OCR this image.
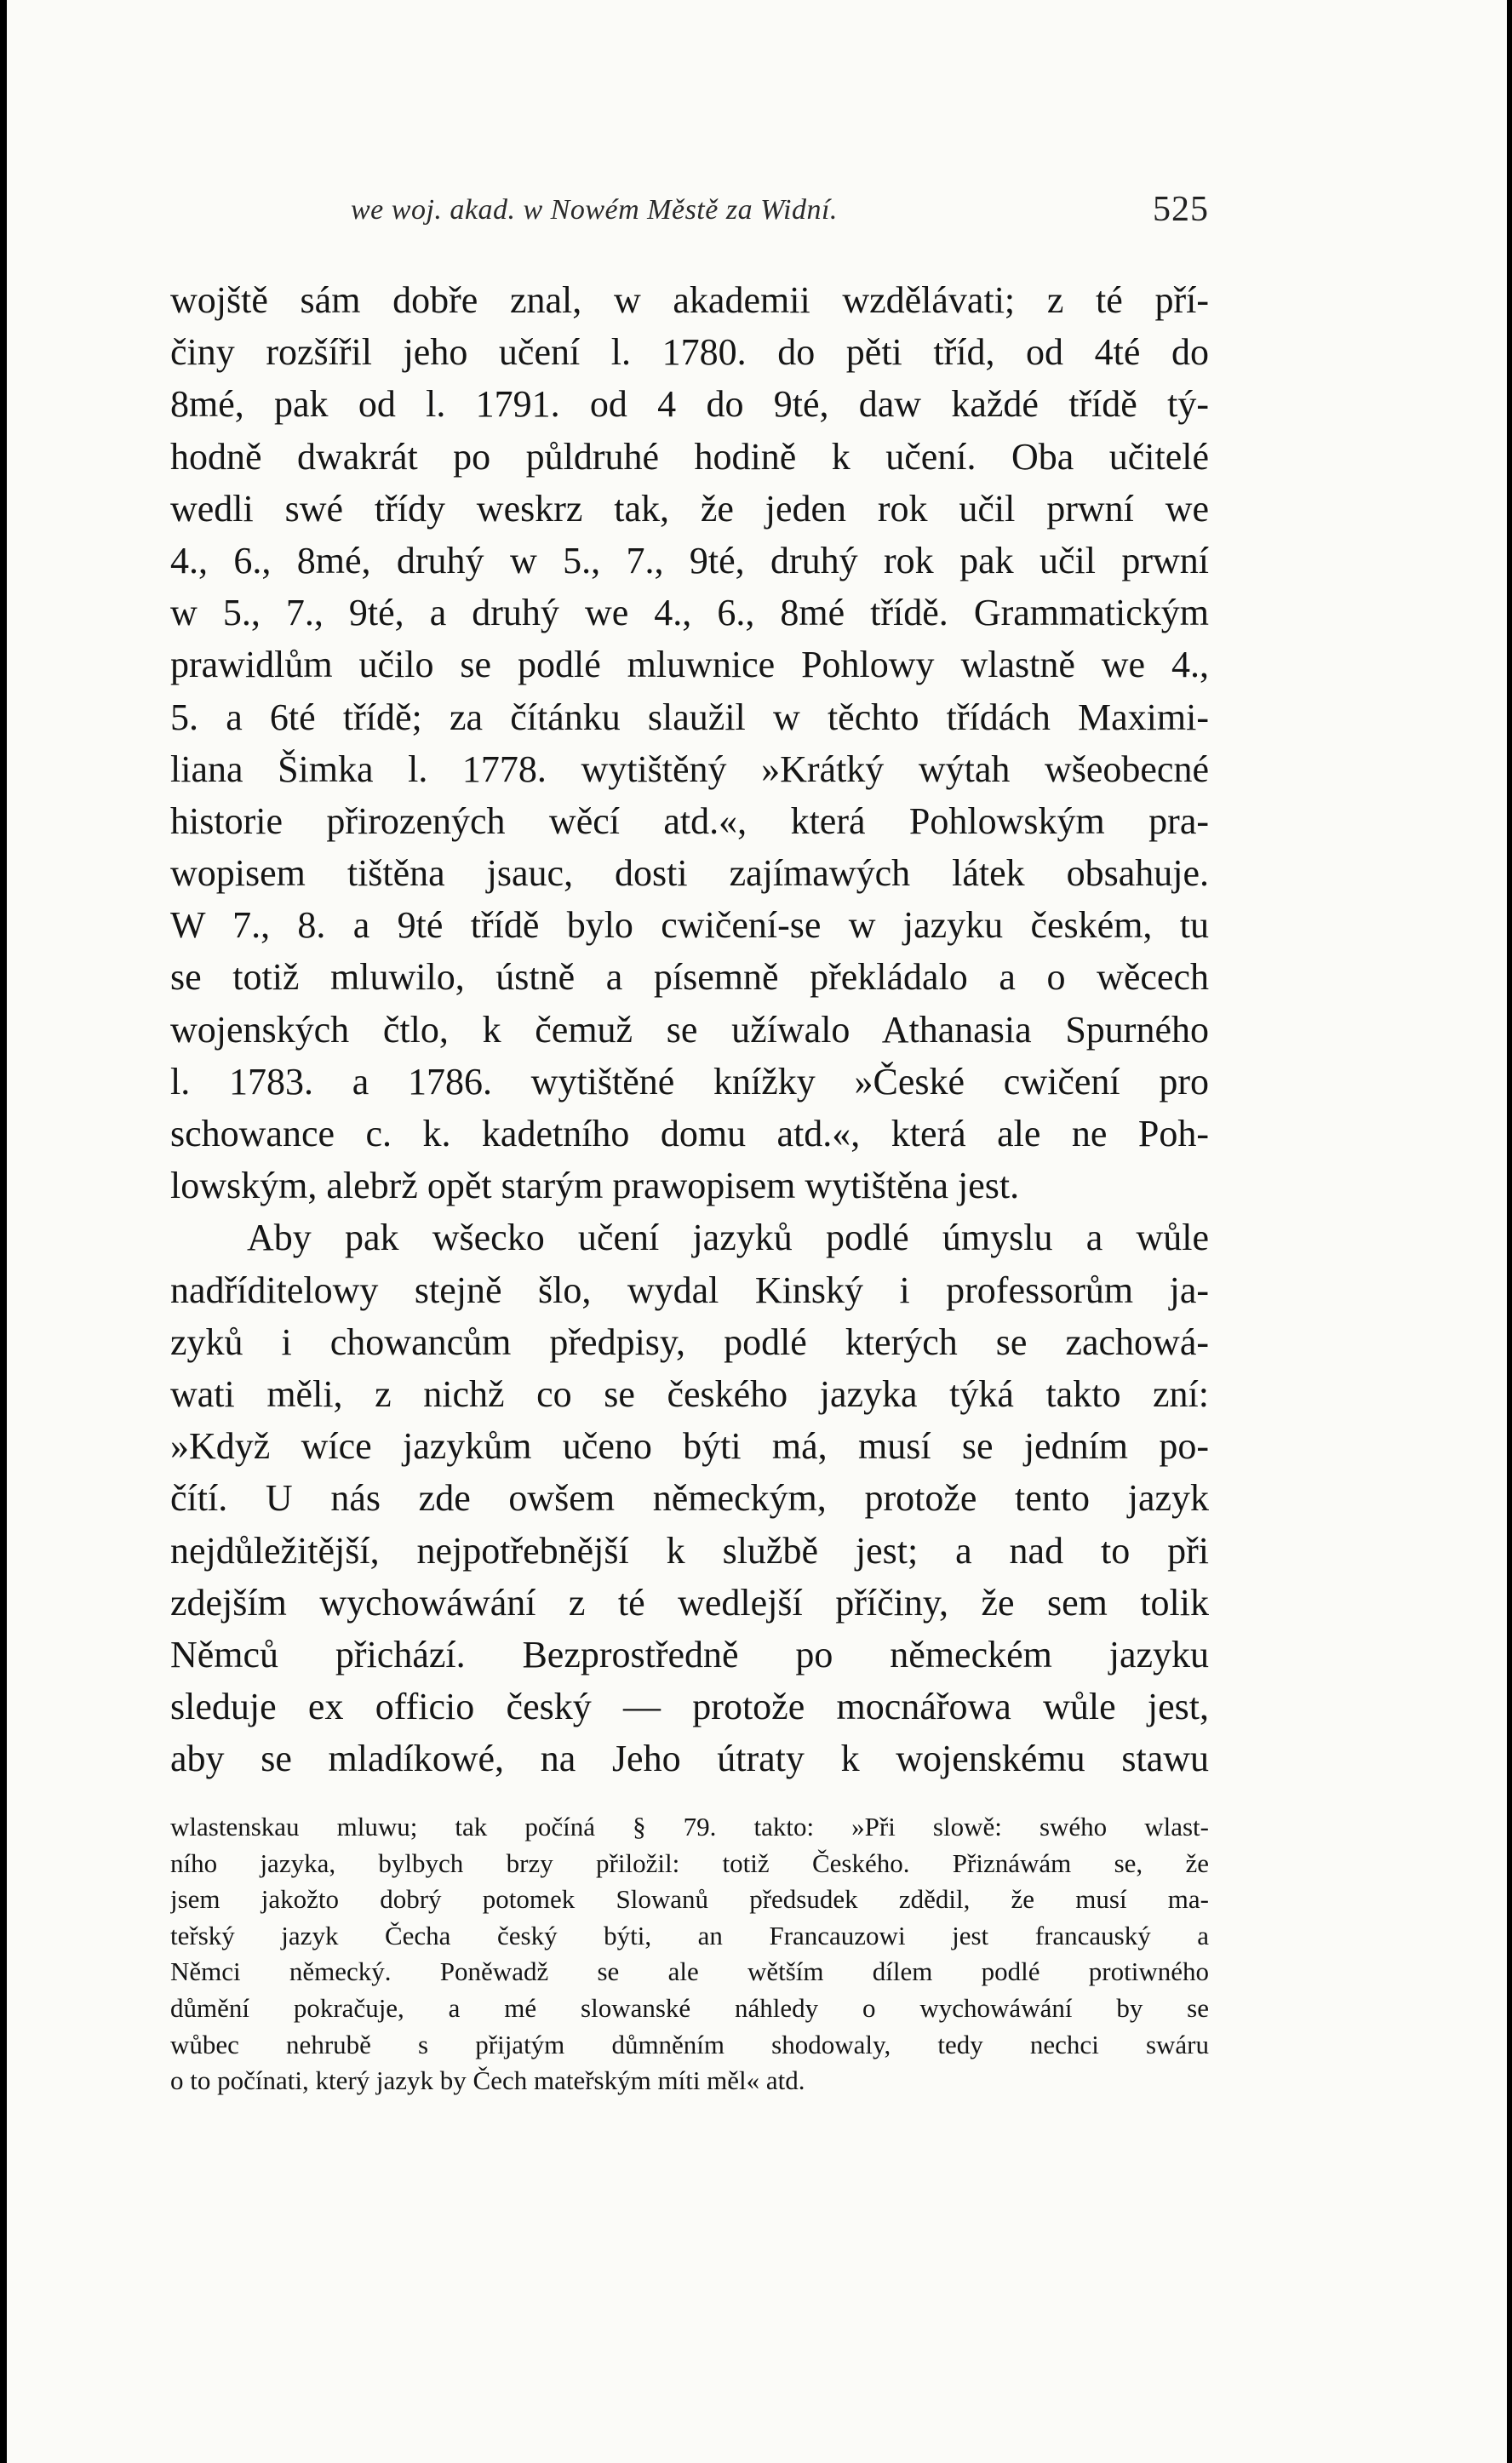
we woj. akad. w Nowém Městě za Widní.	525
wojště sám dobře znal, w akademii wzdělávati; z té pří-
činy rozšířil jeho učení l. 1780. do pěti tříd, od 4té do
8mé, pak od l. 1791. od 4 do 9té, daw každé třídě tý-
hodně dwakrát po půldruhé hodině k učení. Oba učitelé
wedli swé třídy weskrz tak, že jeden rok učil prwní we
4., 6., 8mé, druhý w 5., 7., 9té, druhý rok pak učil prwní
w 5., 7., 9té, a druhý we 4., 6., 8mé třídě. Grammatickým
prawidlům učilo se podlé mluwnice Pohlowy wlastně we 4.,
5. a 6té třídě; za čítánku slaužil w těchto třídách Maximi-
liana Šimka l. 1778. wytištěný »Krátký wýtah wšeobecné
historie přirozených wěcí atd.«, která Pohlowským pra-
wopisem tištěna jsauc, dosti zajímawých látek obsahuje.
W 7., 8. a 9té třídě bylo cwičení-se w jazyku českém, tu
se totiž mluwilo, ústně a písemně překládalo a o wěcech
wojenských čtlo, k čemuž se užíwalo Athanasia Spurného
l. 1783. a 1786. wytištěné knížky »České cwičení pro
schowance c. k. kadetního domu atd.«, která ale ne Poh-
lowským, alebrž opět starým prawopisem wytištěna jest.
Aby pak wšecko učení jazyků podlé úmyslu a wůle
nadříditelowy stejně šlo, wydal Kinský i professorům ja-
zyků i chowancům předpisy, podlé kterých se zachowá-
wati měli, z nichž co se českého jazyka týká takto zní:
»Když wíce jazykům učeno býti má, musí se jedním po-
čítí. U nás zde owšem německým, protože tento jazyk
nejdůležitější, nejpotřebnější k službě jest; a nad to při
zdejším wychowáwání z té wedlejší příčiny, že sem tolik
Němců přichází. Bezprostředně po německém jazyku
sleduje ex officio český — protože mocnářowa wůle jest,
aby se mladíkowé, na Jeho útraty k wojenskému stawu
wlastenskau mluwu; tak počíná § 79. takto: »Při slowě: swého wlast-
ního jazyka, bylbych brzy přiložil: totiž Českého. Přiznáwám se, že
jsem jakožto dobrý potomek Slowanů předsudek zdědil, že musí ma-
teřský jazyk Čecha český býti, an Francauzowi jest francauský a
Němci německý. Poněwadž se ale wětším dílem podlé protiwného
důmění pokračuje, a mé slowanské náhledy o wychowáwání by se
wůbec nehrubě s přijatým důmněním shodowaly, tedy nechci swáru
o to počínati, který jazyk by Čech mateřským míti měl« atd.
